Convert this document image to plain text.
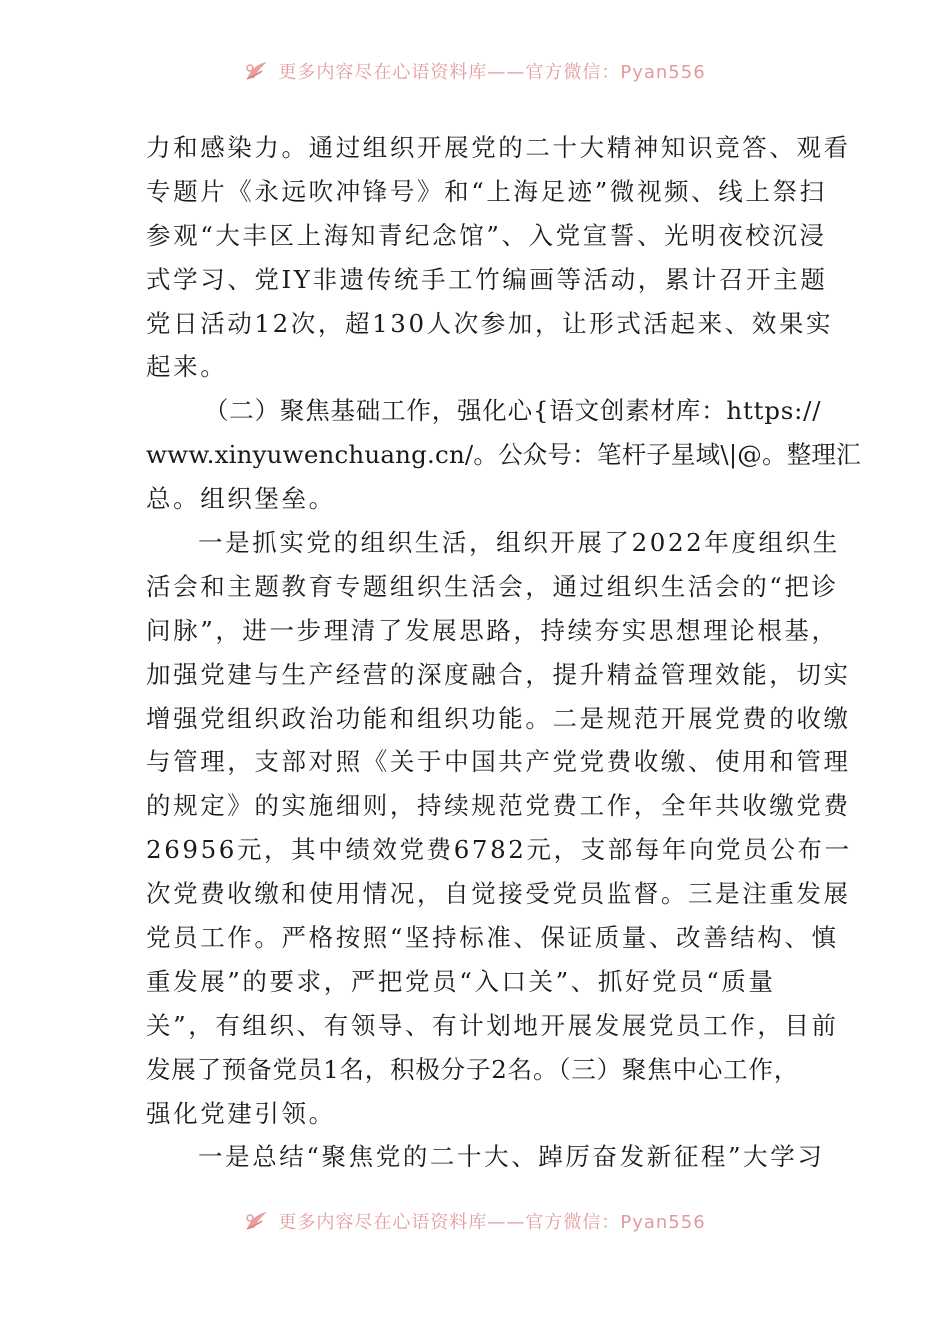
更多内容尽在心语资料库——官方微信：Pyan556
力和感染力。通过组织开展党的二十大精神知识竞答、观看
专题片《永远吹冲锋号》和“上海足迹”微视频、线上祭扫
参观“大丰区上海知青纪念馆”、入党宣誓、光明夜校沉浸
式学习、党IY非遗传统手工竹编画等活动，累计召开主题
党日活动12次，超130人次参加，让形式活起来、效果实
起来。
（二）聚焦基础工作，强化心{语文创素材库：https://
www.xinyuwenchuang.cn/。公众号：笔杆子星域\|@。整理汇
总。组织堡垒。
一是抓实党的组织生活，组织开展了2022年度组织生
活会和主题教育专题组织生活会，通过组织生活会的“把诊
问脉”，进一步理清了发展思路，持续夯实思想理论根基，
加强党建与生产经营的深度融合，提升精益管理效能，切实
增强党组织政治功能和组织功能。二是规范开展党费的收缴
与管理，支部对照《关于中国共产党党费收缴、使用和管理
的规定》的实施细则，持续规范党费工作，全年共收缴党费
26956元，其中绩效党费6782元，支部每年向党员公布一
次党费收缴和使用情况，自觉接受党员监督。三是注重发展
党员工作。严格按照“坚持标准、保证质量、改善结构、慎
重发展”的要求，严把党员“入口关”、抓好党员“质量
关”，有组织、有领导、有计划地开展发展党员工作，目前
发展了预备党员1名，积极分子2名。（三）聚焦中心工作，
强化党建引领。
一是总结“聚焦党的二十大、踔厉奋发新征程”大学习
更多内容尽在心语资料库——官方微信：Pyan556
